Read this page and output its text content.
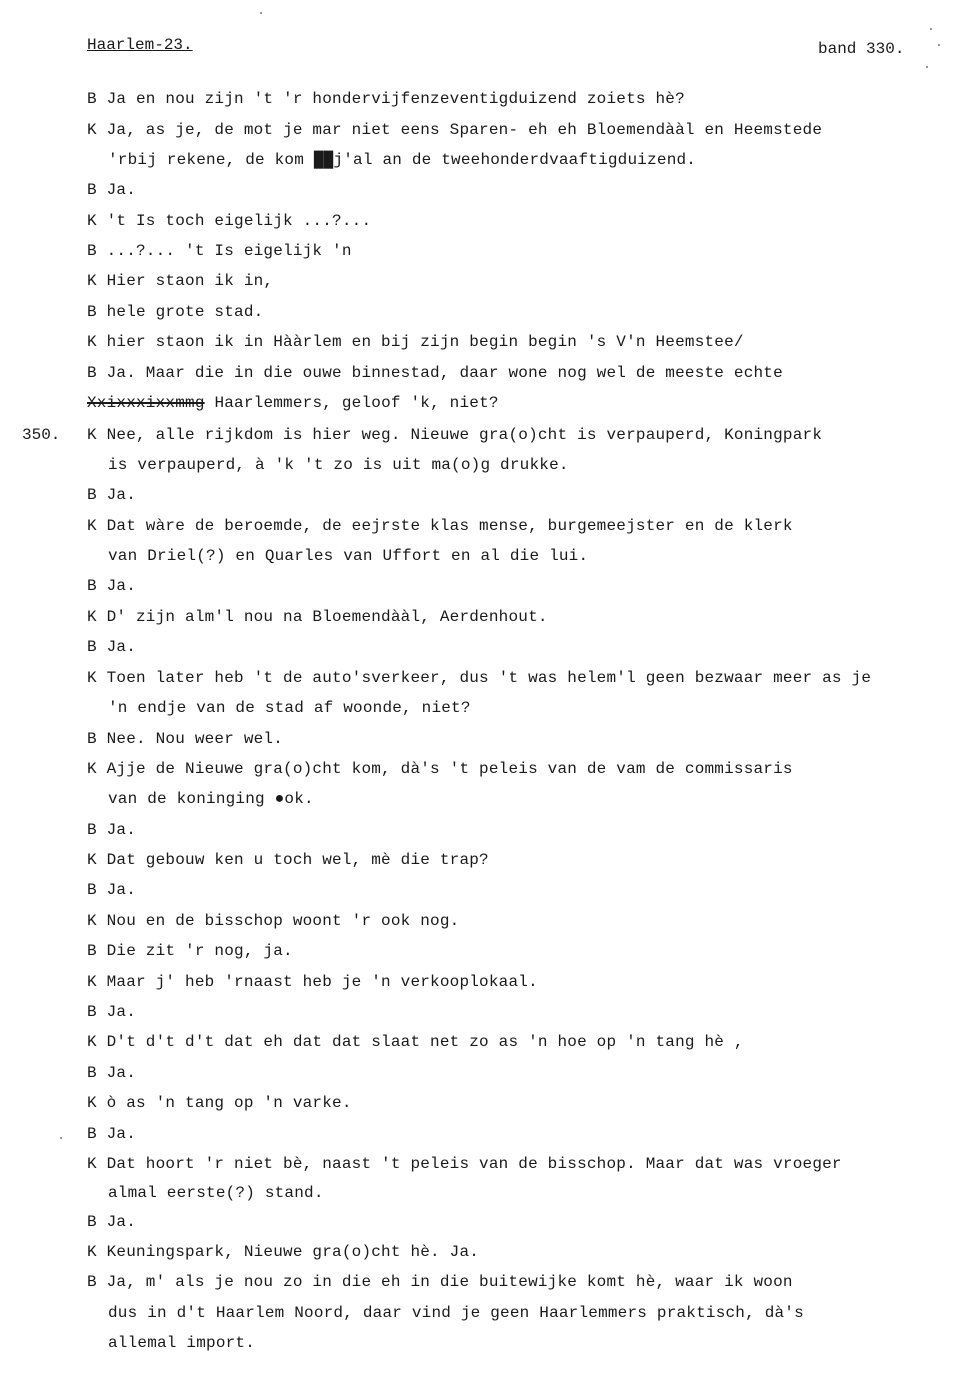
Haarlem-23.	band 330.
350.
B Ja en nou zijn 't 'r hondervijfenzeventigduizend zoiets hè?
K Ja, as je, de mot je mar niet eens Sparen- eh eh Bloemendààl en Heemstede
'rbij rekene, de kom ██j'al an de tweehonderdvaaftigduizend.
B Ja.
K 't Is toch eigelijk ...?...
B ...?... 't Is eigelijk 'n
K Hier staon ik in,
B hele grote stad.
K hier staon ik in Hààrlem en bij zijn begin begin 's V'n Heemstee/
B Ja. Maar die in die ouwe binnestad, daar wone nog wel de meeste echte
Xxixxxixxmmg Haarlemmers, geloof 'k, niet?
K Nee, alle rijkdom is hier weg. Nieuwe gra(o)cht is verpauperd, Koningpark
is verpauperd, à 'k 't zo is uit ma(o)g drukke.
B Ja.
K Dat wàre de beroemde, de eejrste klas mense, burgemeejster en de klerk
van Driel(?) en Quarles van Uffort en al die lui.
B Ja.
K D' zijn alm'l nou na Bloemendààl, Aerdenhout.
B Ja.
K Toen later heb 't de auto'sverkeer, dus 't was helem'l geen bezwaar meer as je
'n endje van de stad af woonde, niet?
B Nee. Nou weer wel.
K Ajje de Nieuwe gra(o)cht kom, dà's 't peleis van de vam de commissaris
van de koninging ●ok.
B Ja.
K Dat gebouw ken u toch wel, mè die trap?
B Ja.
K Nou en de bisschop woont 'r ook nog.
B Die zit 'r nog, ja.
K Maar j' heb 'rnaast heb je 'n verkooplokaal.
B Ja.
K D't d't d't dat eh dat dat slaat net zo as 'n hoe op 'n tang hè ,
B Ja.
K ò as 'n tang op 'n varke.
B Ja.
K Dat hoort 'r niet bè, naast 't peleis van de bisschop. Maar dat was vroeger
almal eerste(?) stand.
B Ja.
K Keuningspark, Nieuwe gra(o)cht hè. Ja.
B Ja, m' als je nou zo in die eh in die buitewijke komt hè, waar ik woon
dus in d't Haarlem Noord, daar vind je geen Haarlemmers praktisch, dà's
allemal import.
